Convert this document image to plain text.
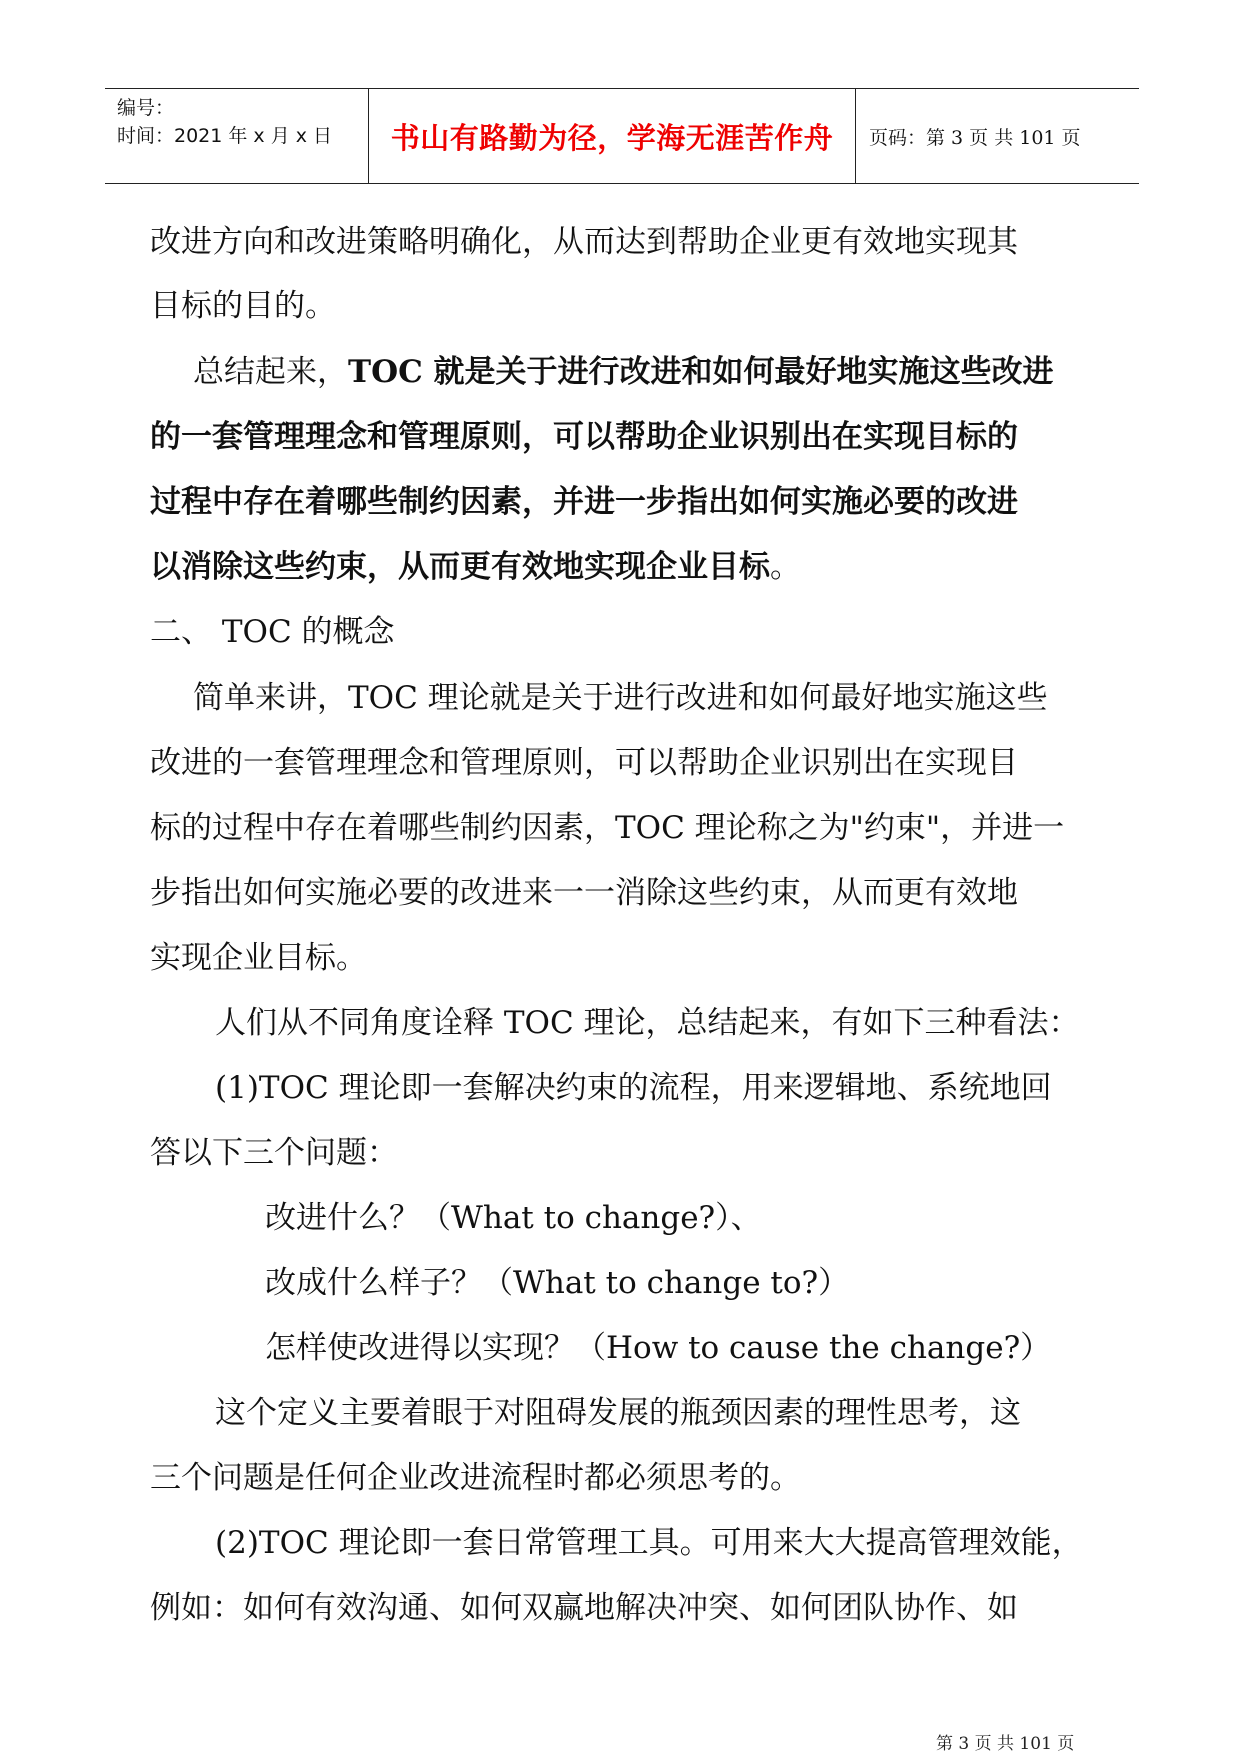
编号：
时间：2021 年 x 月 x 日	书山有路勤为径，学海无涯苦作舟	页码：第 3 页 共 101 页
改进方向和改进策略明确化，从而达到帮助企业更有效地实现其
目标的目的。
总结起来，TOC 就是关于进行改进和如何最好地实施这些改进
的一套管理理念和管理原则，可以帮助企业识别出在实现目标的
过程中存在着哪些制约因素，并进一步指出如何实施必要的改进
以消除这些约束，从而更有效地实现企业目标。
二、 TOC 的概念
简单来讲，TOC 理论就是关于进行改进和如何最好地实施这些
改进的一套管理理念和管理原则，可以帮助企业识别出在实现目
标的过程中存在着哪些制约因素，TOC 理论称之为"约束"，并进一
步指出如何实施必要的改进来一一消除这些约束，从而更有效地
实现企业目标。
人们从不同角度诠释 TOC 理论，总结起来，有如下三种看法：
(1)TOC 理论即一套解决约束的流程，用来逻辑地、系统地回
答以下三个问题：
改进什么？（What to change?）、
改成什么样子？（What to change to?）
怎样使改进得以实现？（How to cause the change?）
这个定义主要着眼于对阻碍发展的瓶颈因素的理性思考，这
三个问题是任何企业改进流程时都必须思考的。
(2)TOC 理论即一套日常管理工具。可用来大大提高管理效能，
例如：如何有效沟通、如何双赢地解决冲突、如何团队协作、如
第 3 页 共 101 页
